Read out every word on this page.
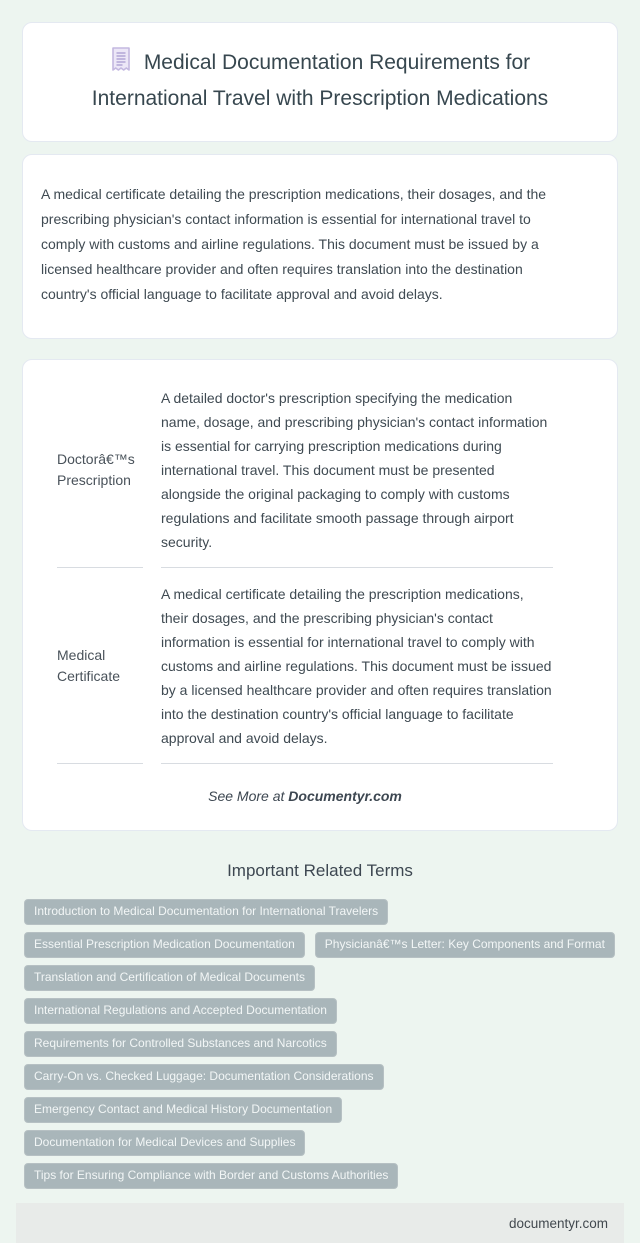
Medical Documentation Requirements for International Travel with Prescription Medications
A medical certificate detailing the prescription medications, their dosages, and the prescribing physician's contact information is essential for international travel to comply with customs and airline regulations. This document must be issued by a licensed healthcare provider and often requires translation into the destination country's official language to facilitate approval and avoid delays.
Doctorâ€™s Prescription	A detailed doctor's prescription specifying the medication name, dosage, and prescribing physician's contact information is essential for carrying prescription medications during international travel. This document must be presented alongside the original packaging to comply with customs regulations and facilitate smooth passage through airport security.
Medical Certificate	A medical certificate detailing the prescription medications, their dosages, and the prescribing physician's contact information is essential for international travel to comply with customs and airline regulations. This document must be issued by a licensed healthcare provider and often requires translation into the destination country's official language to facilitate approval and avoid delays.
See More at Documentyr.com
Important Related Terms
Introduction to Medical Documentation for International Travelers
Essential Prescription Medication Documentation	Physicianâ€™s Letter: Key Components and Format
Translation and Certification of Medical Documents
International Regulations and Accepted Documentation
Requirements for Controlled Substances and Narcotics
Carry-On vs. Checked Luggage: Documentation Considerations
Emergency Contact and Medical History Documentation
Documentation for Medical Devices and Supplies
Tips for Ensuring Compliance with Border and Customs Authorities
documentyr.com
